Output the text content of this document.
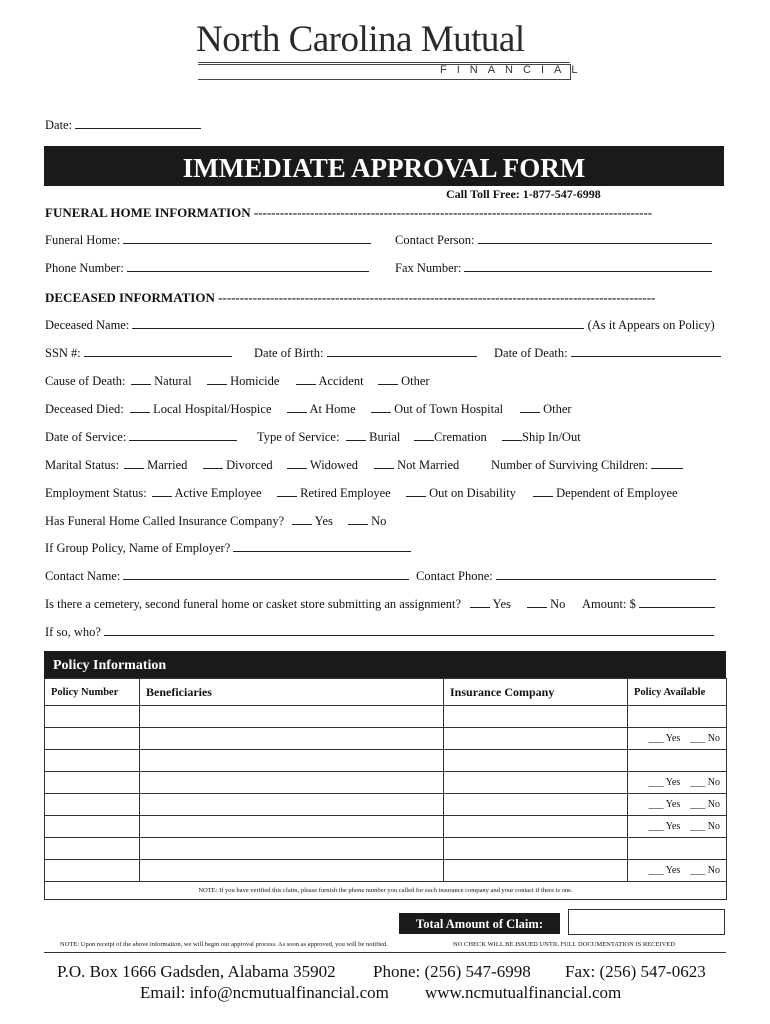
North Carolina Mutual
FINANCIAL
Date:
IMMEDIATE APPROVAL FORM
Call Toll Free: 1-877-547-6998
FUNERAL HOME INFORMATION --------------------------------------------------------------------------------------------
Funeral Home:	Contact Person:
Phone Number:	Fax Number:
DECEASED INFORMATION -----------------------------------------------------------------------------------------------------
Deceased Name:	(As it Appears on Policy)
SSN #:	Date of Birth:	Date of Death:
Cause of Death:	Natural	Homicide	Accident	Other
Deceased Died:	Local Hospital/Hospice	At Home	Out of Town Hospital	Other
Date of Service:	Type of Service:	Burial	Cremation	Ship In/Out
Marital Status:	Married	Divorced	Widowed	Not Married	Number of Surviving Children:
Employment Status:	Active Employee	Retired Employee	Out on Disability	Dependent of Employee
Has Funeral Home Called Insurance Company?	Yes	No
If Group Policy, Name of Employer?
Contact Name:	Contact Phone:
Is there a cemetery, second funeral home or casket store submitting an assignment?	Yes	No Amount: $
If so, who?
Policy Information
Policy Number	Beneficiaries	Insurance Company	Policy Available

			___ Yes ___ No

			___ Yes ___ No
			___ Yes ___ No
			___ Yes ___ No

			___ Yes ___ No
NOTE: If you have verified this claim, please furnish the phone number you called for each insurance company and your contact if there is one.			
Total Amount of Claim:
NOTE: Upon receipt of the above information, we will begin our approval process. As soon as approved, you will be notified.	NO CHECK WILL BE ISSUED UNTIL FULL DOCUMENTATION IS RECEIVED
P.O. Box 1666 Gadsden, Alabama 35902 Phone: (256) 547-6998 Fax: (256) 547-0623
Email: info@ncmutualfinancial.com www.ncmutualfinancial.com
